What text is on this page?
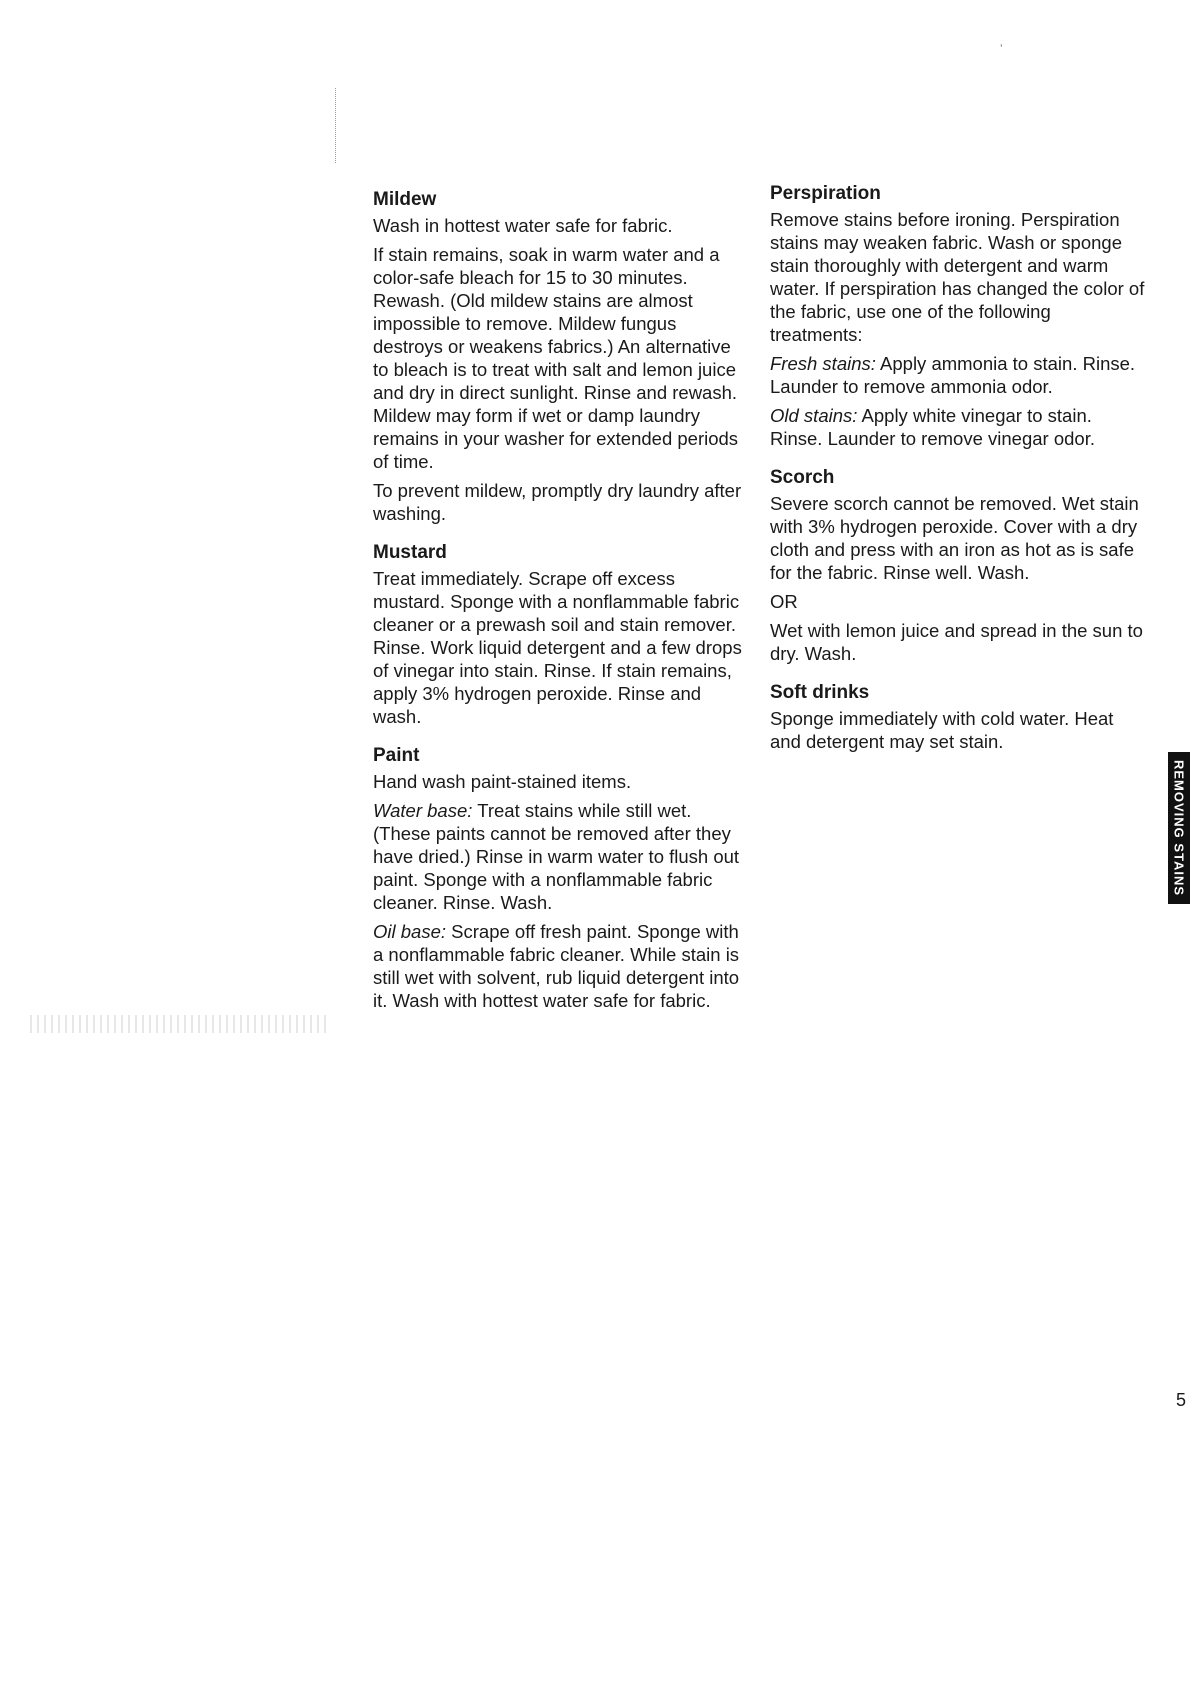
ʼ
Mildew

Wash in hottest water safe for fabric.

If stain remains, soak in warm water and a color-safe bleach for 15 to 30 minutes. Rewash. (Old mildew stains are almost impossible to remove. Mildew fungus destroys or weakens fabrics.) An alternative to bleach is to treat with salt and lemon juice and dry in direct sunlight. Rinse and rewash. Mildew may form if wet or damp laundry remains in your washer for extended periods of time.

To prevent mildew, promptly dry laundry after washing.

Mustard

Treat immediately. Scrape off excess mustard. Sponge with a nonflammable fabric cleaner or a prewash soil and stain remover. Rinse. Work liquid detergent and a few drops of vinegar into stain. Rinse. If stain remains, apply 3% hydrogen peroxide. Rinse and wash.

Paint

Hand wash paint-stained items.

Water base: Treat stains while still wet. (These paints cannot be removed after they have dried.) Rinse in warm water to flush out paint. Sponge with a nonflammable fabric cleaner. Rinse. Wash.

Oil base: Scrape off fresh paint. Sponge with a nonflammable fabric cleaner. While stain is still wet with solvent, rub liquid detergent into it. Wash with hottest water safe for fabric.

Perspiration

Remove stains before ironing. Perspiration stains may weaken fabric. Wash or sponge stain thoroughly with detergent and warm water. If perspiration has changed the color of the fabric, use one of the following treatments:

Fresh stains: Apply ammonia to stain. Rinse. Launder to remove ammonia odor.

Old stains: Apply white vinegar to stain. Rinse. Launder to remove vinegar odor.

Scorch

Severe scorch cannot be removed. Wet stain with 3% hydrogen peroxide. Cover with a dry cloth and press with an iron as hot as is safe for the fabric. Rinse well. Wash.

OR

Wet with lemon juice and spread in the sun to dry. Wash.

Soft drinks

Sponge immediately with cold water. Heat and detergent may set stain.

REMOVING STAINS
5
